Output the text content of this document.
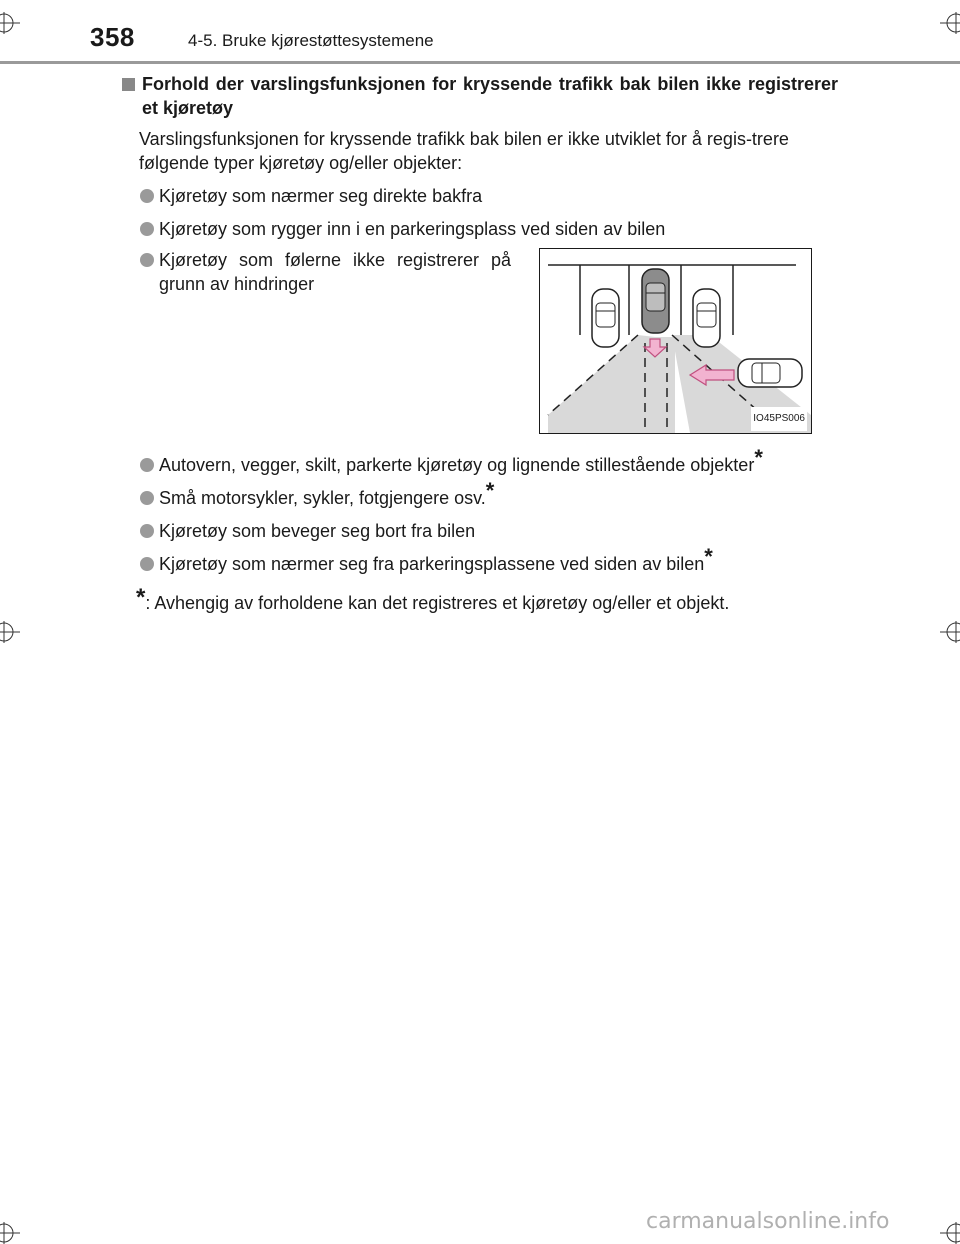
358	4-5. Bruke kjørestøttesystemene
Forhold der varslingsfunksjonen for kryssende trafikk bak bilen ikke registrerer et kjøretøy
Varslingsfunksjonen for kryssende trafikk bak bilen er ikke utviklet for å regis-trere følgende typer kjøretøy og/eller objekter:
Kjøretøy som nærmer seg direkte bakfra
Kjøretøy som rygger inn i en parkeringsplass ved siden av bilen
Kjøretøy som følerne ikke registrerer på grunn av hindringer
IO45PS006
Autovern, vegger, skilt, parkerte kjøretøy og lignende stillestående objekter*
Små motorsykler, sykler, fotgjengere osv.*
Kjøretøy som beveger seg bort fra bilen
Kjøretøy som nærmer seg fra parkeringsplassene ved siden av bilen*
*: Avhengig av forholdene kan det registreres et kjøretøy og/eller et objekt.
carmanualsonline.info
